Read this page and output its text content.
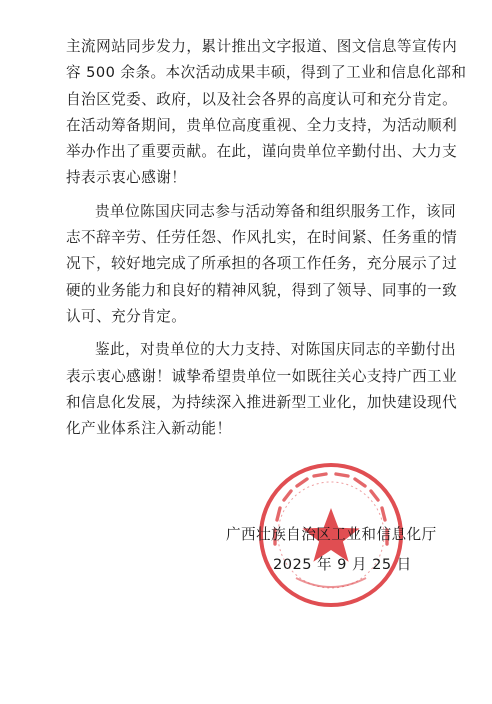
主流网站同步发力，累计推出文字报道、图文信息等宣传内
容 500 余条。本次活动成果丰硕，得到了工业和信息化部和
自治区党委、政府，以及社会各界的高度认可和充分肯定。
在活动筹备期间，贵单位高度重视、全力支持，为活动顺利
举办作出了重要贡献。在此，谨向贵单位辛勤付出、大力支
持表示衷心感谢！

贵单位陈国庆同志参与活动筹备和组织服务工作，该同
志不辞辛劳、任劳任怨、作风扎实，在时间紧、任务重的情
况下，较好地完成了所承担的各项工作任务，充分展示了过
硬的业务能力和良好的精神风貌，得到了领导、同事的一致
认可、充分肯定。

鉴此，对贵单位的大力支持、对陈国庆同志的辛勤付出
表示衷心感谢！诚挚希望贵单位一如既往关心支持广西工业
和信息化发展，为持续深入推进新型工业化，加快建设现代
化产业体系注入新动能！

广西壮族自治区工业和信息化厅
2025 年 9 月 25 日
